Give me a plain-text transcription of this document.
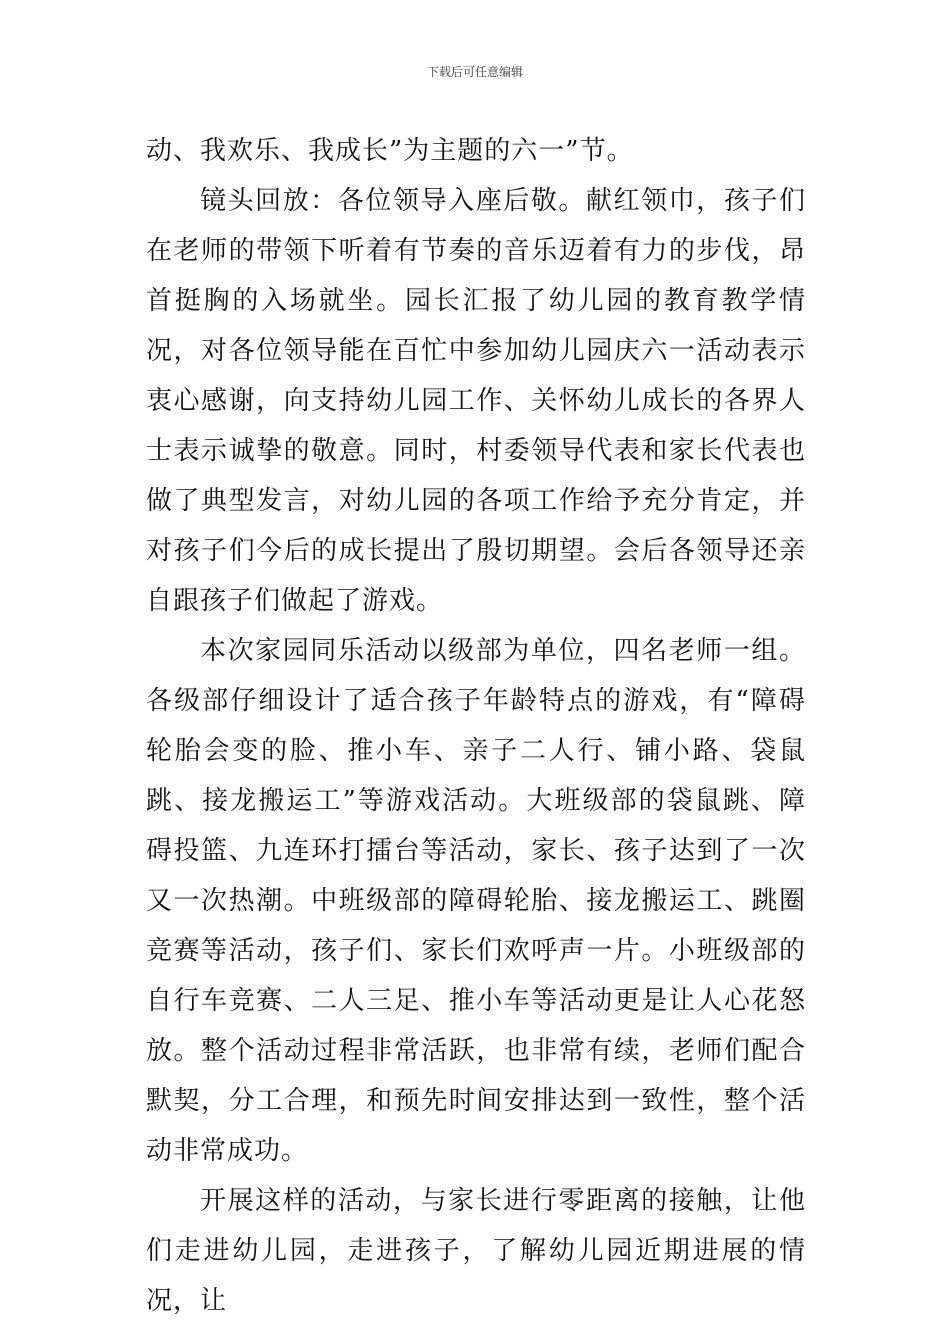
下载后可任意编辑

动、我欢乐、我成长”为主题的六一”节。

镜头回放：各位领导入座后敬。献红领巾，孩子们在老师的带领下听着有节奏的音乐迈着有力的步伐，昂首挺胸的入场就坐。园长汇报了幼儿园的教育教学情况，对各位领导能在百忙中参加幼儿园庆六一活动表示衷心感谢，向支持幼儿园工作、关怀幼儿成长的各界人士表示诚挚的敬意。同时，村委领导代表和家长代表也做了典型发言，对幼儿园的各项工作给予充分肯定，并对孩子们今后的成长提出了殷切期望。会后各领导还亲自跟孩子们做起了游戏。

本次家园同乐活动以级部为单位，四名老师一组。各级部仔细设计了适合孩子年龄特点的游戏，有“障碍轮胎会变的脸、推小车、亲子二人行、铺小路、袋鼠跳、接龙搬运工”等游戏活动。大班级部的袋鼠跳、障碍投篮、九连环打擂台等活动，家长、孩子达到了一次又一次热潮。中班级部的障碍轮胎、接龙搬运工、跳圈竞赛等活动，孩子们、家长们欢呼声一片。小班级部的自行车竞赛、二人三足、推小车等活动更是让人心花怒放。整个活动过程非常活跃，也非常有续，老师们配合默契，分工合理，和预先时间安排达到一致性，整个活动非常成功。

开展这样的活动，与家长进行零距离的接触，让他们走进幼儿园，走进孩子，了解幼儿园近期进展的情况，让
